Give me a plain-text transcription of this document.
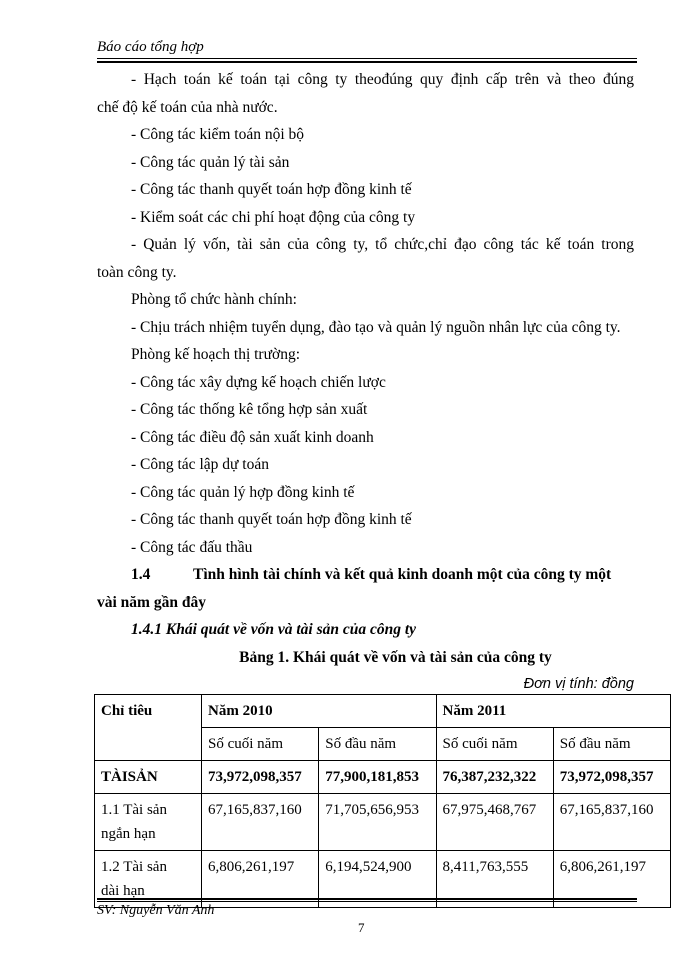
Báo cáo tổng hợp

- Hạch toán kế toán tại công ty theođúng quy định cấp trên và theo đúng

chế độ kế toán của nhà nước.

- Công tác kiểm toán nội bộ

- Công tác quản lý tài sản

- Công tác thanh quyết toán hợp đồng kinh tế

- Kiểm soát các chi phí hoạt động của công ty

- Quản lý vốn, tài sản của công ty, tổ chức,chỉ đạo công tác kế toán trong

toàn công ty.

Phòng tổ chức hành chính:

- Chịu trách nhiệm tuyển dụng, đào tạo và quản lý nguồn nhân lực của công ty.

Phòng kế hoạch thị trường:

- Công tác xây dựng kế hoạch chiến lược

- Công tác thống kê tổng hợp sản xuất

- Công tác điều độ sản xuất kinh doanh

- Công tác lập dự toán

- Công tác quản lý hợp đồng kinh tế

- Công tác thanh quyết toán hợp đồng kinh tế

- Công tác đấu thầu

1.4	Tình hình tài chính và kết quả kinh doanh một của công ty một

vài năm gần đây

1.4.1 Khái quát về vốn và tài sản của công ty

Bảng 1. Khái quát về vốn và tài sản của công ty

Đơn vị tính: đồng

Chỉ tiêu	Năm 2010		Năm 2011	
	Số cuối năm	Số đầu năm	Số cuối năm	Số đầu năm
TÀISẢN	73,972,098,357	77,900,181,853	76,387,232,322	73,972,098,357
1.1 Tài sản
ngắn hạn	67,165,837,160	71,705,656,953	67,975,468,767	67,165,837,160
1.2 Tài sản
dài hạn	6,806,261,197	6,194,524,900	8,411,763,555	6,806,261,197
SV: Nguyễn Văn Anh
7
